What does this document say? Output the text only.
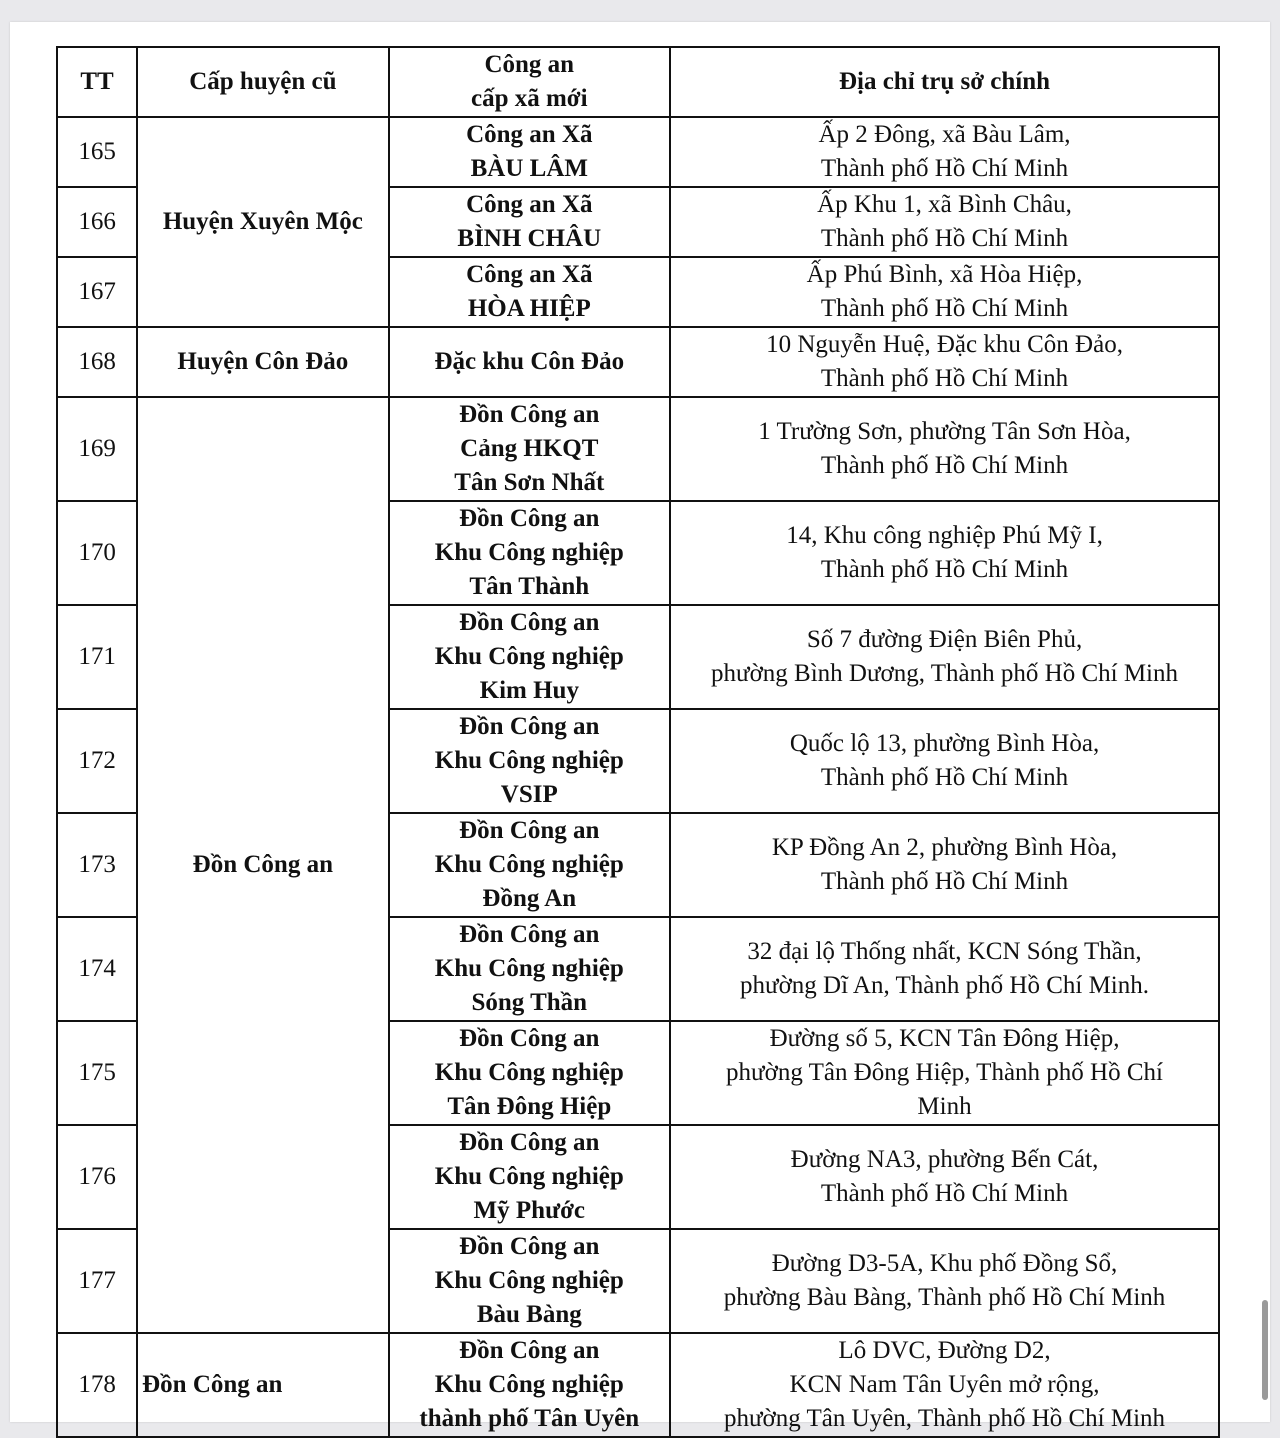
TT	Cấp huyện cũ	Công an
cấp xã mới	Địa chỉ trụ sở chính
165	Huyện Xuyên Mộc	Công an Xã
BÀU LÂM	Ấp 2 Đông, xã Bàu Lâm,
Thành phố Hồ Chí Minh

166		Công an Xã
BÌNH CHÂU	Ấp Khu 1, xã Bình Châu,
Thành phố Hồ Chí Minh

167		Công an Xã
HÒA HIỆP	Ấp Phú Bình, xã Hòa Hiệp,
Thành phố Hồ Chí Minh

168	Huyện Côn Đảo	Đặc khu Côn Đảo	10 Nguyễn Huệ, Đặc khu Côn Đảo,
Thành phố Hồ Chí Minh

169	Đồn Công an	Đồn Công an
Cảng HKQT
Tân Sơn Nhất	1 Trường Sơn, phường Tân Sơn Hòa,
Thành phố Hồ Chí Minh

170		Đồn Công an
Khu Công nghiệp
Tân Thành	14, Khu công nghiệp Phú Mỹ I,
Thành phố Hồ Chí Minh

171		Đồn Công an
Khu Công nghiệp
Kim Huy	Số 7 đường Điện Biên Phủ,
phường Bình Dương, Thành phố Hồ Chí Minh

172		Đồn Công an
Khu Công nghiệp
VSIP	Quốc lộ 13, phường Bình Hòa,
Thành phố Hồ Chí Minh

173		Đồn Công an
Khu Công nghiệp
Đồng An	KP Đồng An 2, phường Bình Hòa,
Thành phố Hồ Chí Minh

174		Đồn Công an
Khu Công nghiệp
Sóng Thần	32 đại lộ Thống nhất, KCN Sóng Thần,
phường Dĩ An, Thành phố Hồ Chí Minh.

175		Đồn Công an
Khu Công nghiệp
Tân Đông Hiệp	Đường số 5, KCN Tân Đông Hiệp,
phường Tân Đông Hiệp, Thành phố Hồ Chí
Minh

176		Đồn Công an
Khu Công nghiệp
Mỹ Phước	Đường NA3, phường Bến Cát,
Thành phố Hồ Chí Minh

177		Đồn Công an
Khu Công nghiệp
Bàu Bàng	Đường D3-5A, Khu phố Đồng Sổ,
phường Bàu Bàng, Thành phố Hồ Chí Minh

178	Đồn Công an	Đồn Công an
Khu Công nghiệp
thành phố Tân Uyên	Lô DVC, Đường D2,
KCN Nam Tân Uyên mở rộng,
phường Tân Uyên, Thành phố Hồ Chí Minh
